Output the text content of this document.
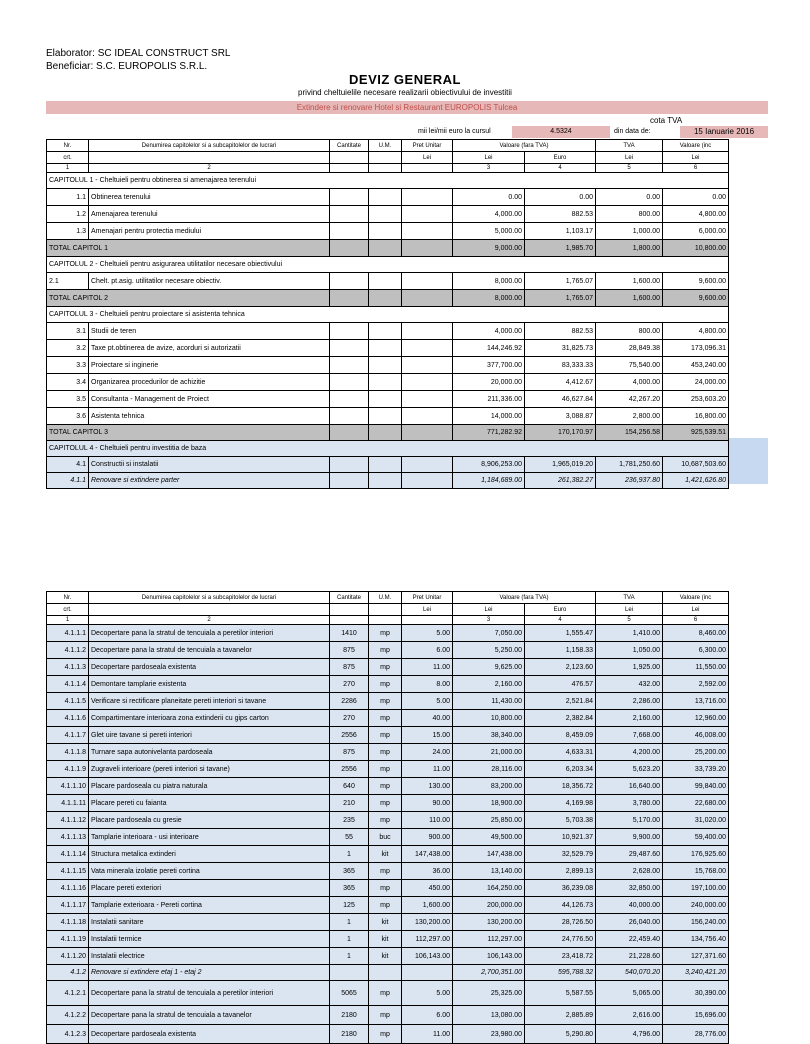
Elaborator: SC IDEAL CONSTRUCT SRL
Beneficiar: S.C. EUROPOLIS S.R.L.
DEVIZ GENERAL
privind cheltuielile necesare realizarii obiectivului de investitii
Extindere si renovare Hotel si Restaurant EUROPOLIS Tulcea
cota TVA
mii lei/mii euro la cursul	4.5324	din data de:	15 Ianuarie 2016
Nr.	Denumirea capitolelor si a subcapitolelor de lucrari	Cantitate	U.M.	Pret Unitar	Valoare (fara TVA)		TVA	Valoare (inc
crt.				Lei	Lei	Euro	Lei	Lei
1	2				3	4	5	6
CAPITOLUL 1 - Cheltuieli pentru obtinerea si amenajarea terenului								
1.1	Obtinerea terenului				0.00	0.00	0.00	0.00
1.2	Amenajarea terenului				4,000.00	882.53	800.00	4,800.00
1.3	Amenajari pentru protectia mediului				5,000.00	1,103.17	1,000.00	6,000.00
TOTAL CAPITOL 1					9,000.00	1,985.70	1,800.00	10,800.00
CAPITOLUL 2 - Cheltuieli pentru asigurarea utilitatilor necesare obiectivului								
2.1	Chelt. pt.asig. utilitatilor necesare obiectiv.				8,000.00	1,765.07	1,600.00	9,600.00
TOTAL CAPITOL 2					8,000.00	1,765.07	1,600.00	9,600.00
CAPITOLUL 3 - Cheltuieli pentru proiectare si asistenta tehnica								
3.1	Studii de teren				4,000.00	882.53	800.00	4,800.00
3.2	Taxe pt.obtinerea de avize, acorduri si autorizatii				144,246.92	31,825.73	28,849.38	173,096.31
3.3	Proiectare si inginerie				377,700.00	83,333.33	75,540.00	453,240.00
3.4	Organizarea procedurilor de achizitie				20,000.00	4,412.67	4,000.00	24,000.00
3.5	Consultanta - Management de Proiect				211,336.00	46,627.84	42,267.20	253,603.20
3.6	Asistenta tehnica				14,000.00	3,088.87	2,800.00	16,800.00
TOTAL CAPITOL 3					771,282.92	170,170.97	154,256.58	925,539.51
CAPITOLUL 4 - Cheltuieli pentru investitia de baza								
4.1	Constructii si instalatii				8,906,253.00	1,965,019.20	1,781,250.60	10,687,503.60
4.1.1	Renovare si extindere parter				1,184,689.00	261,382.27	236,937.80	1,421,626.80
Nr.	Denumirea capitolelor si a subcapitolelor de lucrari	Cantitate	U.M.	Pret Unitar	Valoare (fara TVA)		TVA	Valoare (inc
crt.				Lei	Lei	Euro	Lei	Lei
1	2				3	4	5	6
4.1.1.1	Decopertare pana la stratul de tencuiala a peretilor interiori	1410	mp	5.00	7,050.00	1,555.47	1,410.00	8,460.00
4.1.1.2	Decopertare pana la stratul de tencuiala a tavanelor	875	mp	6.00	5,250.00	1,158.33	1,050.00	6,300.00
4.1.1.3	Decopertare pardoseala existenta	875	mp	11.00	9,625.00	2,123.60	1,925.00	11,550.00
4.1.1.4	Demontare tamplarie existenta	270	mp	8.00	2,160.00	476.57	432.00	2,592.00
4.1.1.5	Verificare si rectificare planeitate pereti interiori si tavane	2286	mp	5.00	11,430.00	2,521.84	2,286.00	13,716.00
4.1.1.6	Compartimentare interioara zona extinderii cu gips carton	270	mp	40.00	10,800.00	2,382.84	2,160.00	12,960.00
4.1.1.7	Glet uire tavane si pereti interiori	2556	mp	15.00	38,340.00	8,459.09	7,668.00	46,008.00
4.1.1.8	Turnare sapa autonivelanta pardoseala	875	mp	24.00	21,000.00	4,633.31	4,200.00	25,200.00
4.1.1.9	Zugraveli interioare (pereti interiori si tavane)	2556	mp	11.00	28,116.00	6,203.34	5,623.20	33,739.20
4.1.1.10	Placare pardoseala cu piatra naturala	640	mp	130.00	83,200.00	18,356.72	16,640.00	99,840.00
4.1.1.11	Placare pereti cu faianta	210	mp	90.00	18,900.00	4,169.98	3,780.00	22,680.00
4.1.1.12	Placare pardoseala cu gresie	235	mp	110.00	25,850.00	5,703.38	5,170.00	31,020.00
4.1.1.13	Tamplarie interioara - usi interioare	55	buc	900.00	49,500.00	10,921.37	9,900.00	59,400.00
4.1.1.14	Structura metalica extinderi	1	kit	147,438.00	147,438.00	32,529.79	29,487.60	176,925.60
4.1.1.15	Vata minerala izolatie pereti cortina	365	mp	36.00	13,140.00	2,899.13	2,628.00	15,768.00
4.1.1.16	Placare pereti exteriori	365	mp	450.00	164,250.00	36,239.08	32,850.00	197,100.00
4.1.1.17	Tamplarie exterioara - Pereti cortina	125	mp	1,600.00	200,000.00	44,126.73	40,000.00	240,000.00
4.1.1.18	Instalatii sanitare	1	kit	130,200.00	130,200.00	28,726.50	26,040.00	156,240.00
4.1.1.19	Instalatii termice	1	kit	112,297.00	112,297.00	24,776.50	22,459.40	134,756.40
4.1.1.20	Instalatii electrice	1	kit	106,143.00	106,143.00	23,418.72	21,228.60	127,371.60
4.1.2	Renovare si extindere etaj 1 - etaj 2				2,700,351.00	595,788.32	540,070.20	3,240,421.20
4.1.2.1	Decopertare pana la stratul de tencuiala a peretilor interiori	5065	mp	5.00	25,325.00	5,587.55	5,065.00	30,390.00
4.1.2.2	Decopertare pana la stratul de tencuiala a tavanelor	2180	mp	6.00	13,080.00	2,885.89	2,616.00	15,696.00
4.1.2.3	Decopertare pardoseala existenta	2180	mp	11.00	23,980.00	5,290.80	4,796.00	28,776.00
